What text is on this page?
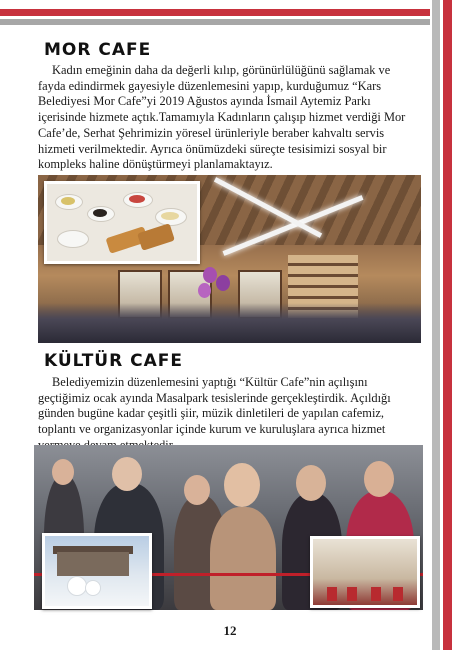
MOR CAFE

Kadın emeğinin daha da değerli kılıp, görünürlülüğünü sağlamak ve fayda edindirmek gayesiyle düzenlemesini yapıp, kurduğumuz “Kars Belediyesi Mor Cafe”yi 2019 Ağustos ayında İsmail Aytemiz Parkı içerisinde hizmete açtık.Tamamıyla Kadınların çalışıp hizmet verdiği Mor Cafe’de, Serhat Şehrimizin yöresel ürünleriyle beraber kahvaltı servis hizmeti verilmektedir. Ayrıca önümüzdeki süreçte tesisimizi sosyal bir kompleks haline dönüştürmeyi planlamaktayız.

KÜLTÜR CAFE

Belediyemizin düzenlemesini yaptığı “Kültür Cafe”nin açılışını geçtiğimiz ocak ayında Masalpark tesislerinde gerçekleştirdik. Açıldığı günden bugüne kadar çeşitli şiir, müzik dinletileri de yapılan cafemiz, toplantı ve organizasyonlar içinde kurum ve kuruluşlara ayrıca hizmet

12
